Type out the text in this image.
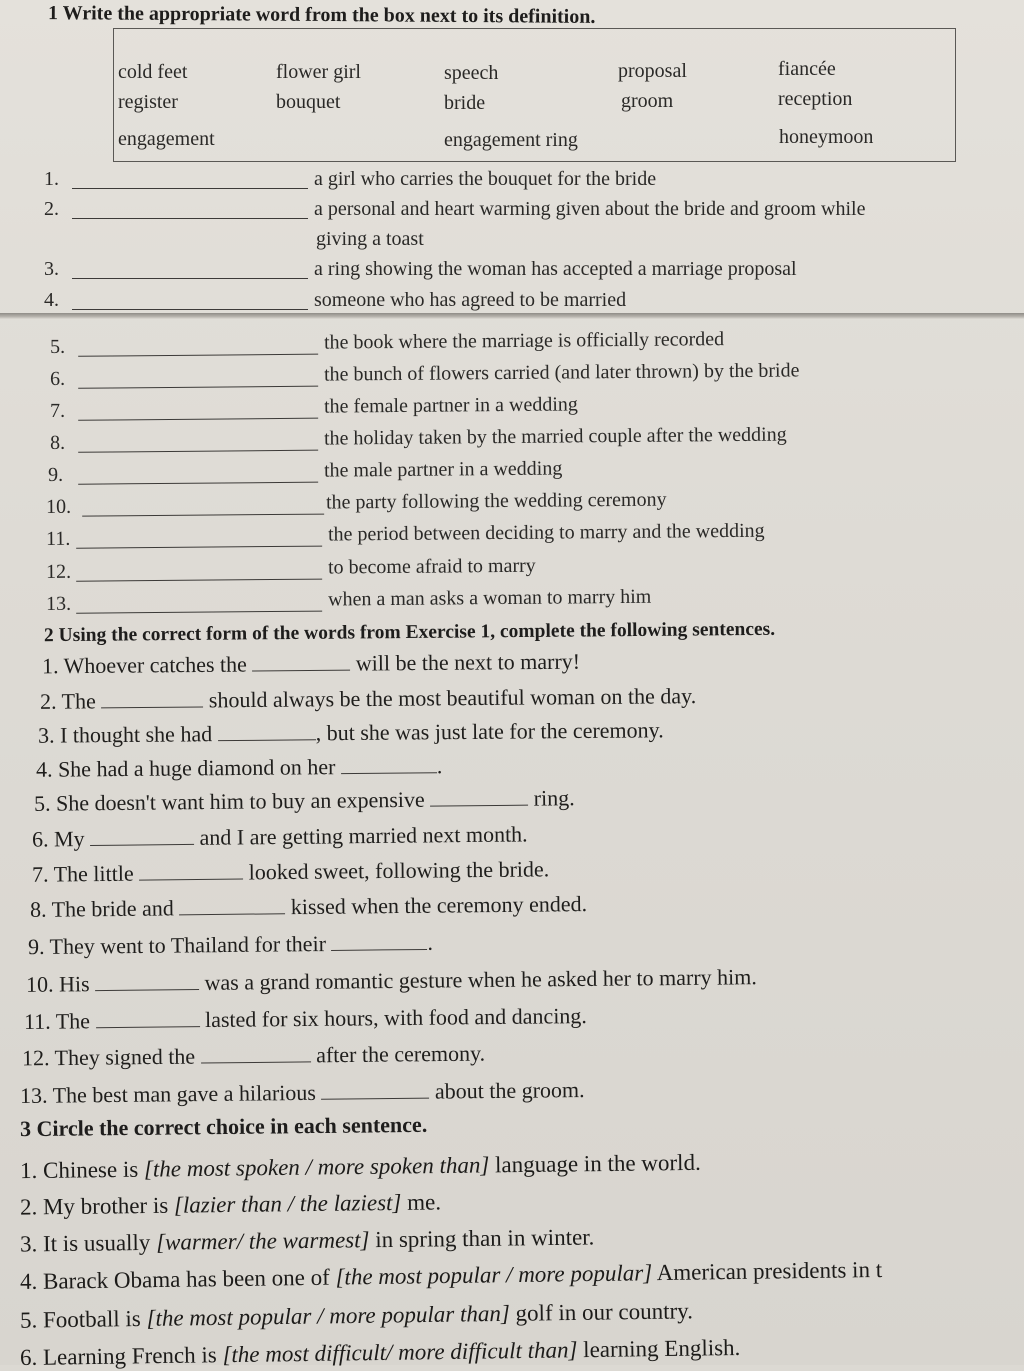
1 Write the appropriate word from the box next to its definition.
cold feet	flower girl	speech	proposal	fiancée
register	bouquet	bride	groom	reception
engagement	engagement ring	honeymoon
1.	a girl who carries the bouquet for the bride
2.	a personal and heart warming given about the bride and groom while
giving a toast
3.	a ring showing the woman has accepted a marriage proposal
4.	someone who has agreed to be married
5.	the book where the marriage is officially recorded
6.	the bunch of flowers carried (and later thrown) by the bride
7.	the female partner in a wedding
8.	the holiday taken by the married couple after the wedding
9.	the male partner in a wedding
10.	the party following the wedding ceremony
11.	the period between deciding to marry and the wedding
12.	to become afraid to marry
13.	when a man asks a woman to marry him
2 Using the correct form of the words from Exercise 1, complete the following sentences.
1. Whoever catches the	will be the next to marry!
2. The	should always be the most beautiful woman on the day.
3. I thought she had	, but she was just late for the ceremony.
4. She had a huge diamond on her	.
5. She doesn't want him to buy an expensive	ring.
6. My	and I are getting married next month.
7. The little	looked sweet, following the bride.
8. The bride and	kissed when the ceremony ended.
9. They went to Thailand for their	.
10. His	was a grand romantic gesture when he asked her to marry him.
11. The	lasted for six hours, with food and dancing.
12. They signed the	after the ceremony.
13. The best man gave a hilarious	about the groom.
3 Circle the correct choice in each sentence.
1. Chinese is [the most spoken / more spoken than] language in the world.
2. My brother is [lazier than / the laziest] me.
3. It is usually [warmer/ the warmest] in spring than in winter.
4. Barack Obama has been one of [the most popular / more popular] American presidents in t
5. Football is [the most popular / more popular than] golf in our country.
6. Learning French is [the most difficult/ more difficult than] learning English.
